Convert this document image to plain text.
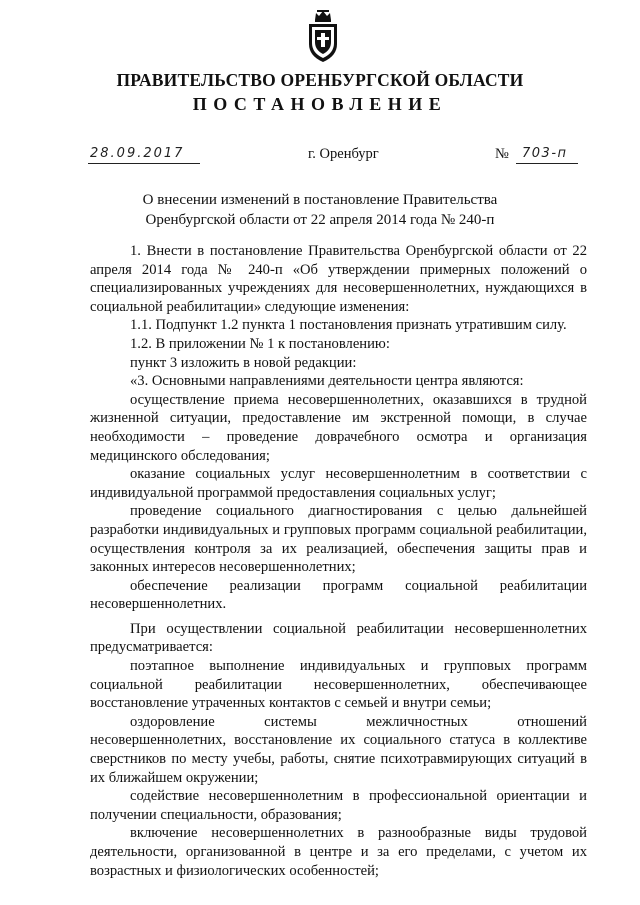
ПРАВИТЕЛЬСТВО ОРЕНБУРГСКОЙ ОБЛАСТИ
ПОСТАНОВЛЕНИЕ
28.09.2017	г. Оренбург	№	703-п
О внесении изменений в постановление Правительства
Оренбургской области от 22 апреля 2014 года № 240-п

1. Внести в постановление Правительства Оренбургской области от 22 апреля 2014 года № 240-п «Об утверждении примерных положений о специализированных учреждениях для несовершеннолетних, нуждающихся в социальной реабилитации» следующие изменения:

1.1. Подпункт 1.2 пункта 1 постановления признать утратившим силу.

1.2. В приложении № 1 к постановлению:

пункт 3 изложить в новой редакции:

«3. Основными направлениями деятельности центра являются:

осуществление приема несовершеннолетних, оказавшихся в трудной жизненной ситуации, предоставление им экстренной помощи, в случае необходимости – проведение доврачебного осмотра и организация медицинского обследования;

оказание социальных услуг несовершеннолетним в соответствии с индивидуальной программой предоставления социальных услуг;

проведение социального диагностирования с целью дальнейшей разработки индивидуальных и групповых программ социальной реабилитации, осуществления контроля за их реализацией, обеспечения защиты прав и законных интересов несовершеннолетних;

обеспечение реализации программ социальной реабилитации несовершеннолетних.

При осуществлении социальной реабилитации несовершеннолетних предусматривается:

поэтапное выполнение индивидуальных и групповых программ социальной реабилитации несовершеннолетних, обеспечивающее восстановление утраченных контактов с семьей и внутри семьи;

оздоровление системы межличностных отношений несовершеннолетних, восстановление их социального статуса в коллективе сверстников по месту учебы, работы, снятие психотравмирующих ситуаций в их ближайшем окружении;

содействие несовершеннолетним в профессиональной ориентации и получении специальности, образования;

включение несовершеннолетних в разнообразные виды трудовой деятельности, организованной в центре и за его пределами, с учетом их возрастных и физиологических особенностей;
